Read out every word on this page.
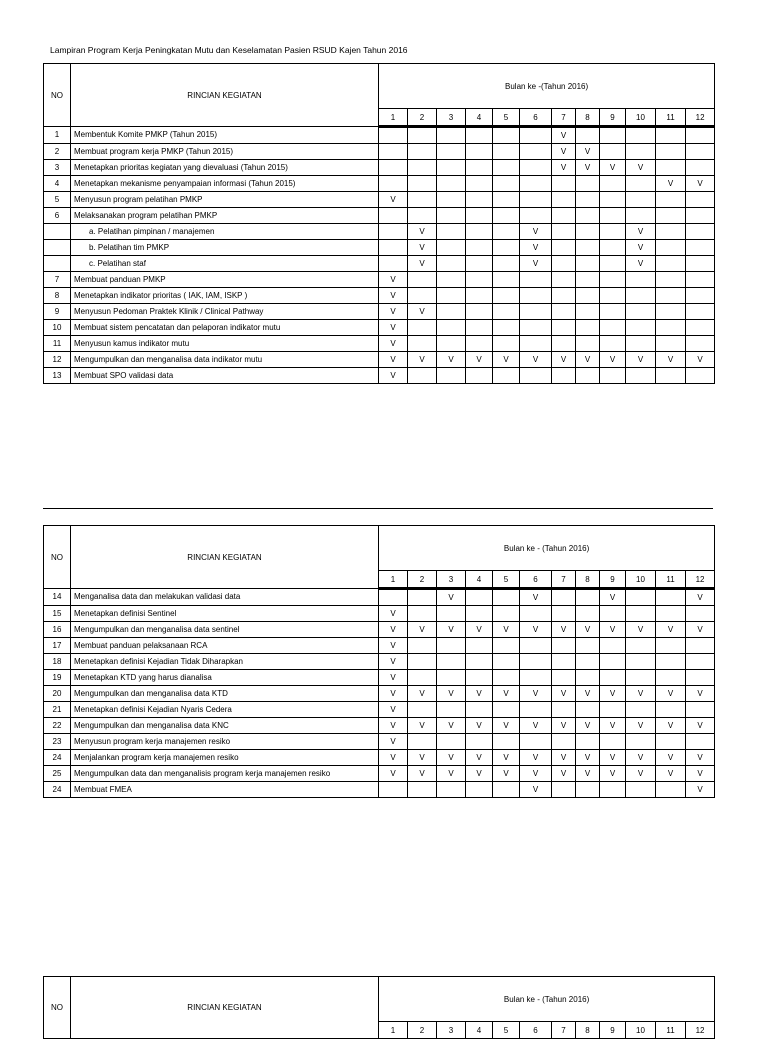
Lampiran Program Kerja Peningkatan Mutu dan Keselamatan Pasien RSUD Kajen Tahun 2016
NO	RINCIAN KEGIATAN	Bulan ke -(Tahun 2016)											
		1	2	3	4	5	6	7	8	9	10	11	12
1	Membentuk Komite PMKP (Tahun 2015)							V					
2	Membuat program kerja PMKP (Tahun 2015)							V	V				
3	Menetapkan prioritas kegiatan yang dievaluasi (Tahun 2015)							V	V	V	V		
4	Menetapkan mekanisme penyampaian informasi (Tahun 2015)											V	V
5	Menyusun program pelatihan PMKP	V											
6	Melaksanakan program pelatihan PMKP												
	a. Pelatihan pimpinan / manajemen		V				V				V		
	b. Pelatihan tim PMKP		V				V				V		
	c. Pelatihan staf		V				V				V		
7	Membuat panduan PMKP	V											
8	Menetapkan indikator prioritas ( IAK, IAM, ISKP )	V											
9	Menyusun Pedoman Praktek Klinik / Clinical Pathway	V	V										
10	Membuat sistem pencatatan dan pelaporan indikator mutu	V											
11	Menyusun kamus indikator mutu	V											
12	Mengumpulkan dan menganalisa data indikator mutu	V	V	V	V	V	V	V	V	V	V	V	V
13	Membuat SPO validasi data	V											
NO	RINCIAN KEGIATAN	Bulan ke - (Tahun 2016)											
		1	2	3	4	5	6	7	8	9	10	11	12
14	Menganalisa data dan melakukan validasi data			V			V			V			V
15	Menetapkan definisi Sentinel	V											
16	Mengumpulkan dan menganalisa data sentinel	V	V	V	V	V	V	V	V	V	V	V	V
17	Membuat panduan pelaksanaan RCA	V											
18	Menetapkan definisi Kejadian Tidak Diharapkan	V											
19	Menetapkan KTD yang harus dianalisa	V											
20	Mengumpulkan dan menganalisa data KTD	V	V	V	V	V	V	V	V	V	V	V	V
21	Menetapkan definisi Kejadian Nyaris Cedera	V											
22	Mengumpulkan dan menganalisa data KNC	V	V	V	V	V	V	V	V	V	V	V	V
23	Menyusun program kerja manajemen resiko	V											
24	Menjalankan program kerja manajemen resiko	V	V	V	V	V	V	V	V	V	V	V	V
25	Mengumpulkan data dan menganalisis program kerja manajemen resiko	V	V	V	V	V	V	V	V	V	V	V	V
24	Membuat FMEA						V						V
NO	RINCIAN KEGIATAN	Bulan ke - (Tahun 2016)											
		1	2	3	4	5	6	7	8	9	10	11	12
